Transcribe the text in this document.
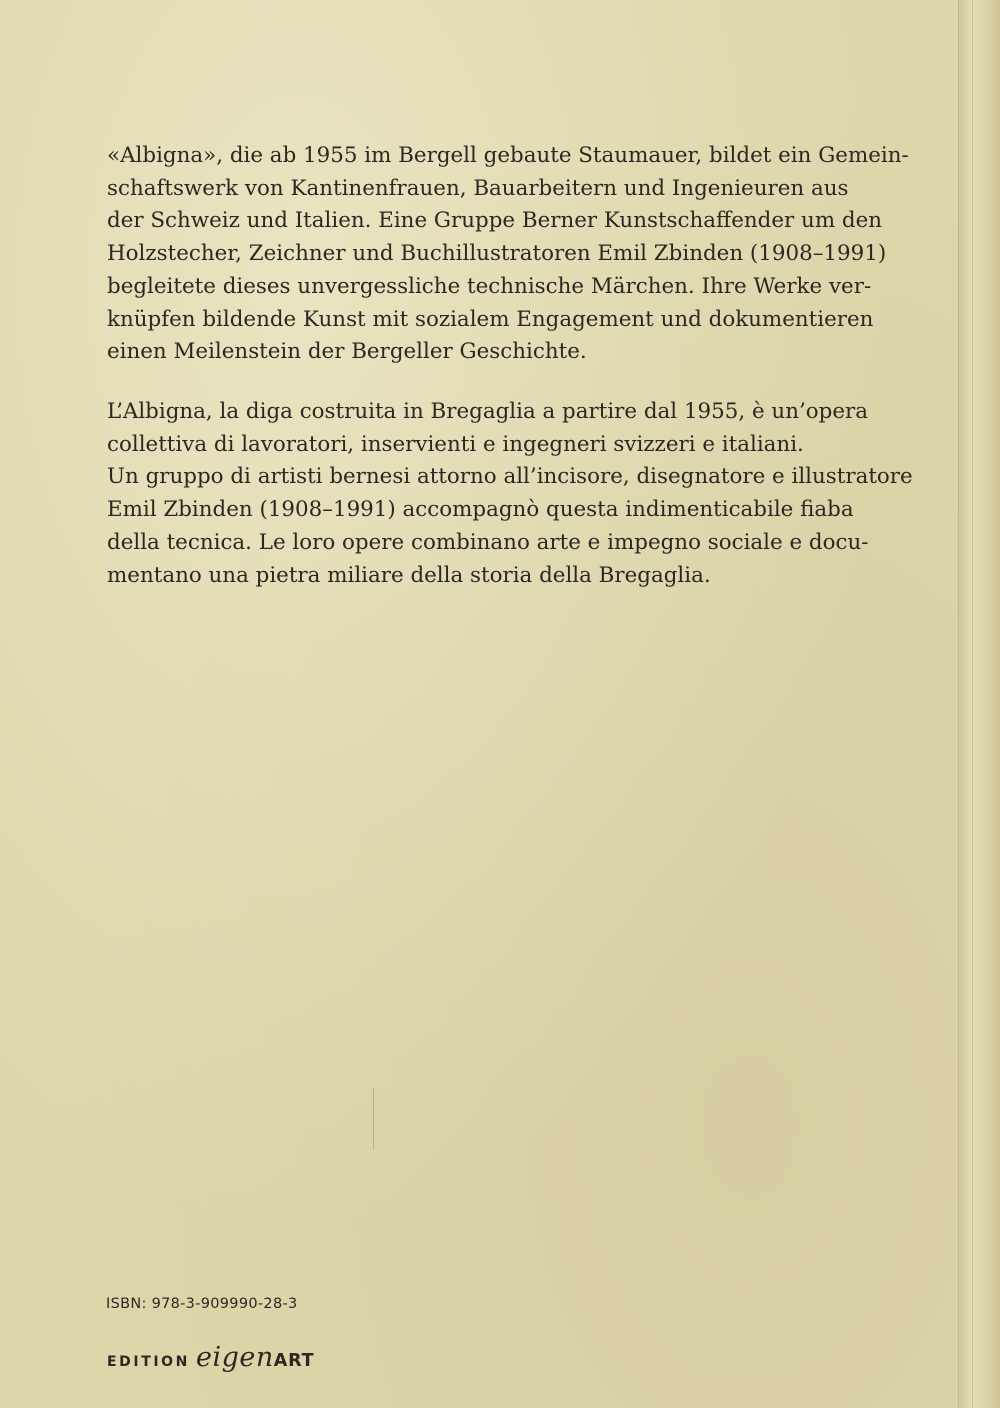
«Albigna», die ab 1955 im Bergell gebaute Staumauer, bildet ein Gemein-
schaftswerk von Kantinenfrauen, Bauarbeitern und Ingenieuren aus
der Schweiz und Italien. Eine Gruppe Berner Kunstschaffender um den
Holzstecher, Zeichner und Buchillustratoren Emil Zbinden (1908–1991)
begleitete dieses unvergessliche technische Märchen. Ihre Werke ver-
knüpfen bildende Kunst mit sozialem Engagement und dokumentieren
einen Meilenstein der Bergeller Geschichte.

L’Albigna, la diga costruita in Bregaglia a partire dal 1955, è un’opera
collettiva di lavoratori, inservienti e ingegneri svizzeri e italiani.
Un gruppo di artisti bernesi attorno all’incisore, disegnatore e illustratore
Emil Zbinden (1908–1991) accompagnò questa indimenticabile fiaba
della tecnica. Le loro opere combinano arte e impegno sociale e docu-
mentano una pietra miliare della storia della Bregaglia.

ISBN: 978-3-909990-28-3

EDITION eigenART
